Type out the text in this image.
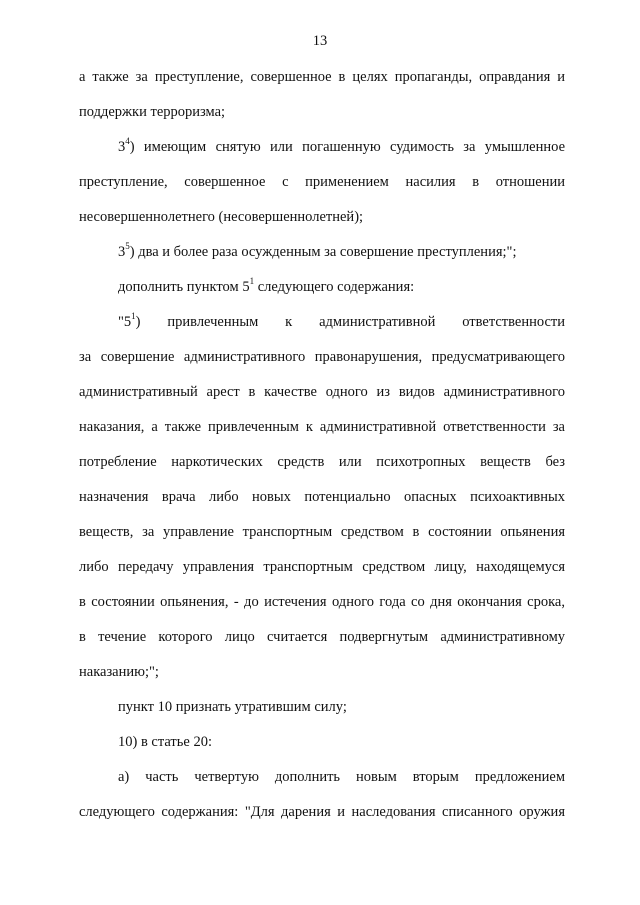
13
а также за преступление, совершенное в целях пропаганды, оправдания и
поддержки терроризма;
$3^4$) имеющим снятую или погашенную судимость за умышленное
преступление, совершенное с применением насилия в отношении
несовершеннолетнего (несовершеннолетней);
$3^5$) два и более раза осужденным за совершение преступления;";
дополнить пунктом $5^1$ следующего содержания:
"$5^1$) привлеченным к административной ответственности
за совершение административного правонарушения, предусматривающего
административный арест в качестве одного из видов административного
наказания, а также привлеченным к административной ответственности за
потребление наркотических средств или психотропных веществ без
назначения врача либо новых потенциально опасных психоактивных
веществ, за управление транспортным средством в состоянии опьянения
либо передачу управления транспортным средством лицу, находящемуся
в состоянии опьянения, - до истечения одного года со дня окончания срока,
в течение которого лицо считается подвергнутым административному
наказанию;";
пункт 10 признать утратившим силу;
10) в статье 20:
а) часть четвертую дополнить новым вторым предложением
следующего содержания: "Для дарения и наследования списанного оружия
